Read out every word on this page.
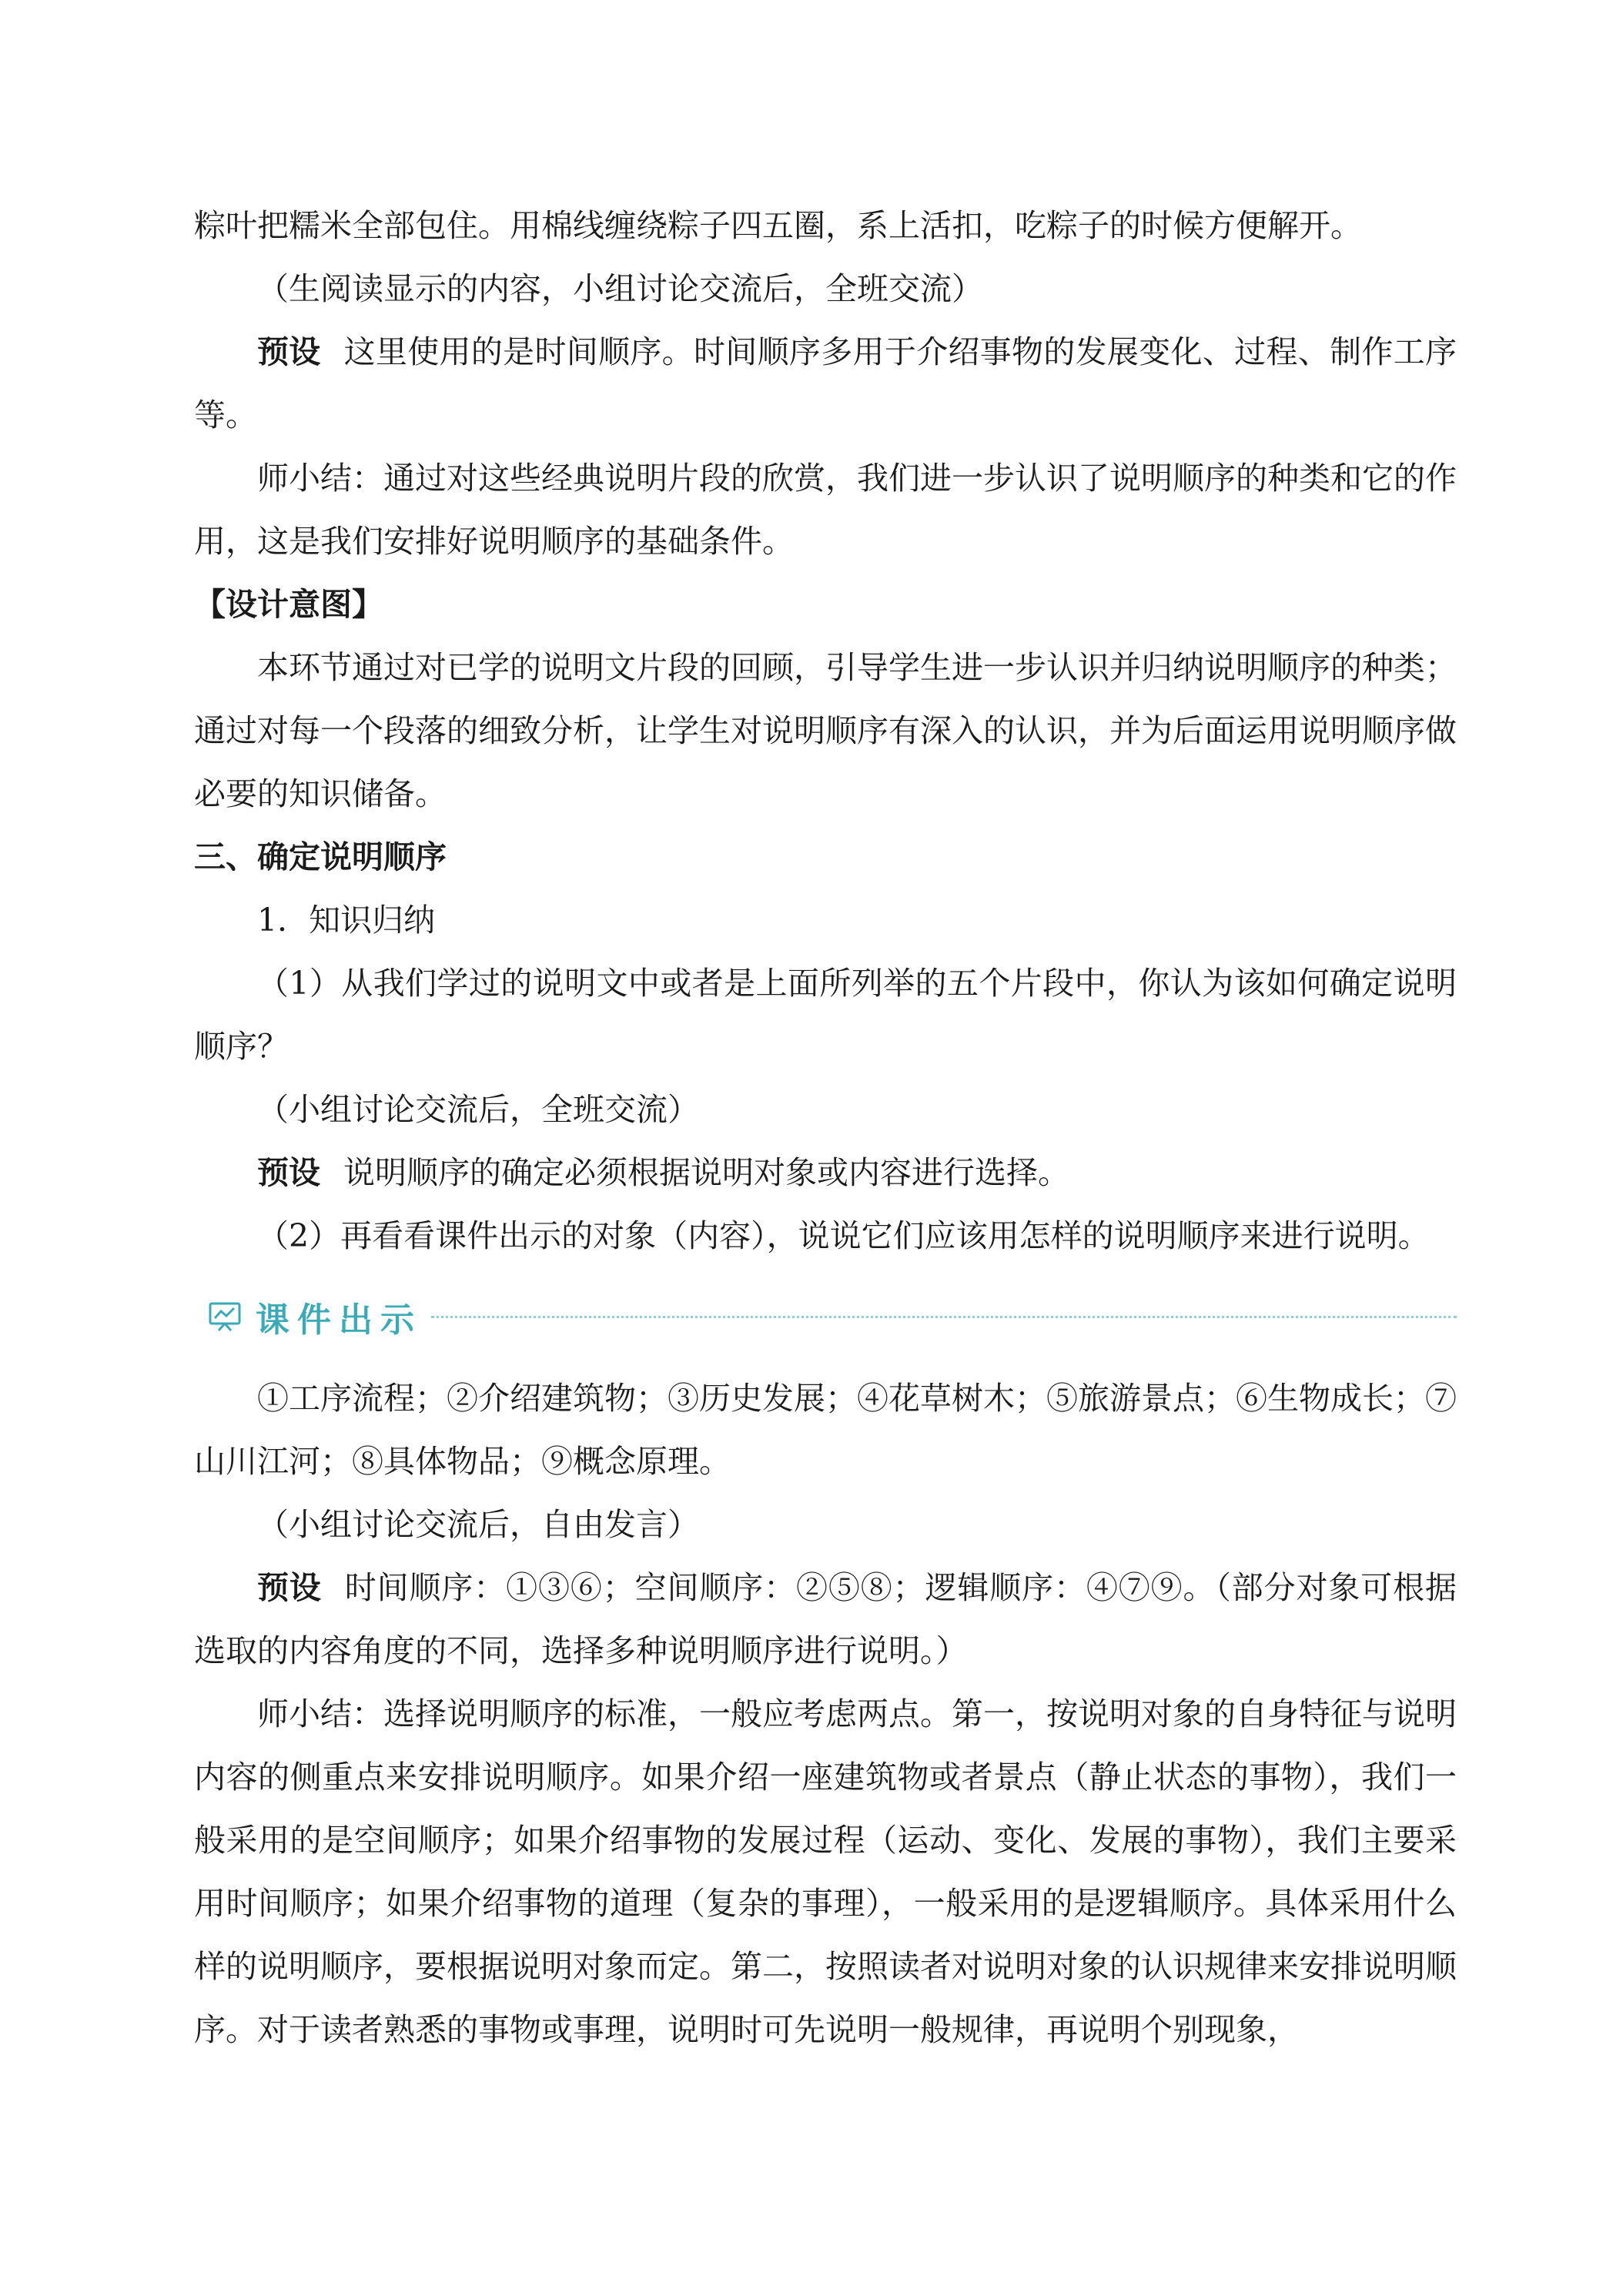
粽叶把糯米全部包住。用棉线缠绕粽子四五圈，系上活扣，吃粽子的时候方便解开。

（生阅读显示的内容，小组讨论交流后，全班交流）

预设 这里使用的是时间顺序。时间顺序多用于介绍事物的发展变化、过程、制作工序等。

师小结：通过对这些经典说明片段的欣赏，我们进一步认识了说明顺序的种类和它的作用，这是我们安排好说明顺序的基础条件。

【设计意图】

本环节通过对已学的说明文片段的回顾，引导学生进一步认识并归纳说明顺序的种类；通过对每一个段落的细致分析，让学生对说明顺序有深入的认识，并为后面运用说明顺序做必要的知识储备。

三、确定说明顺序

1．知识归纳

（1）从我们学过的说明文中或者是上面所列举的五个片段中，你认为该如何确定说明顺序？

（小组讨论交流后，全班交流）

预设 说明顺序的确定必须根据说明对象或内容进行选择。

（2）再看看课件出示的对象（内容），说说它们应该用怎样的说明顺序来进行说明。

课件出示

①工序流程；②介绍建筑物；③历史发展；④花草树木；⑤旅游景点；⑥生物成长；⑦山川江河；⑧具体物品；⑨概念原理。

（小组讨论交流后，自由发言）

预设 时间顺序：①③⑥；空间顺序：②⑤⑧；逻辑顺序：④⑦⑨。（部分对象可根据选取的内容角度的不同，选择多种说明顺序进行说明。）

师小结：选择说明顺序的标准，一般应考虑两点。第一，按说明对象的自身特征与说明内容的侧重点来安排说明顺序。如果介绍一座建筑物或者景点（静止状态的事物），我们一般采用的是空间顺序；如果介绍事物的发展过程（运动、变化、发展的事物），我们主要采用时间顺序；如果介绍事物的道理（复杂的事理），一般采用的是逻辑顺序。具体采用什么样的说明顺序，要根据说明对象而定。第二，按照读者对说明对象的认识规律来安排说明顺序。对于读者熟悉的事物或事理，说明时可先说明一般规律，再说明个别现象，
